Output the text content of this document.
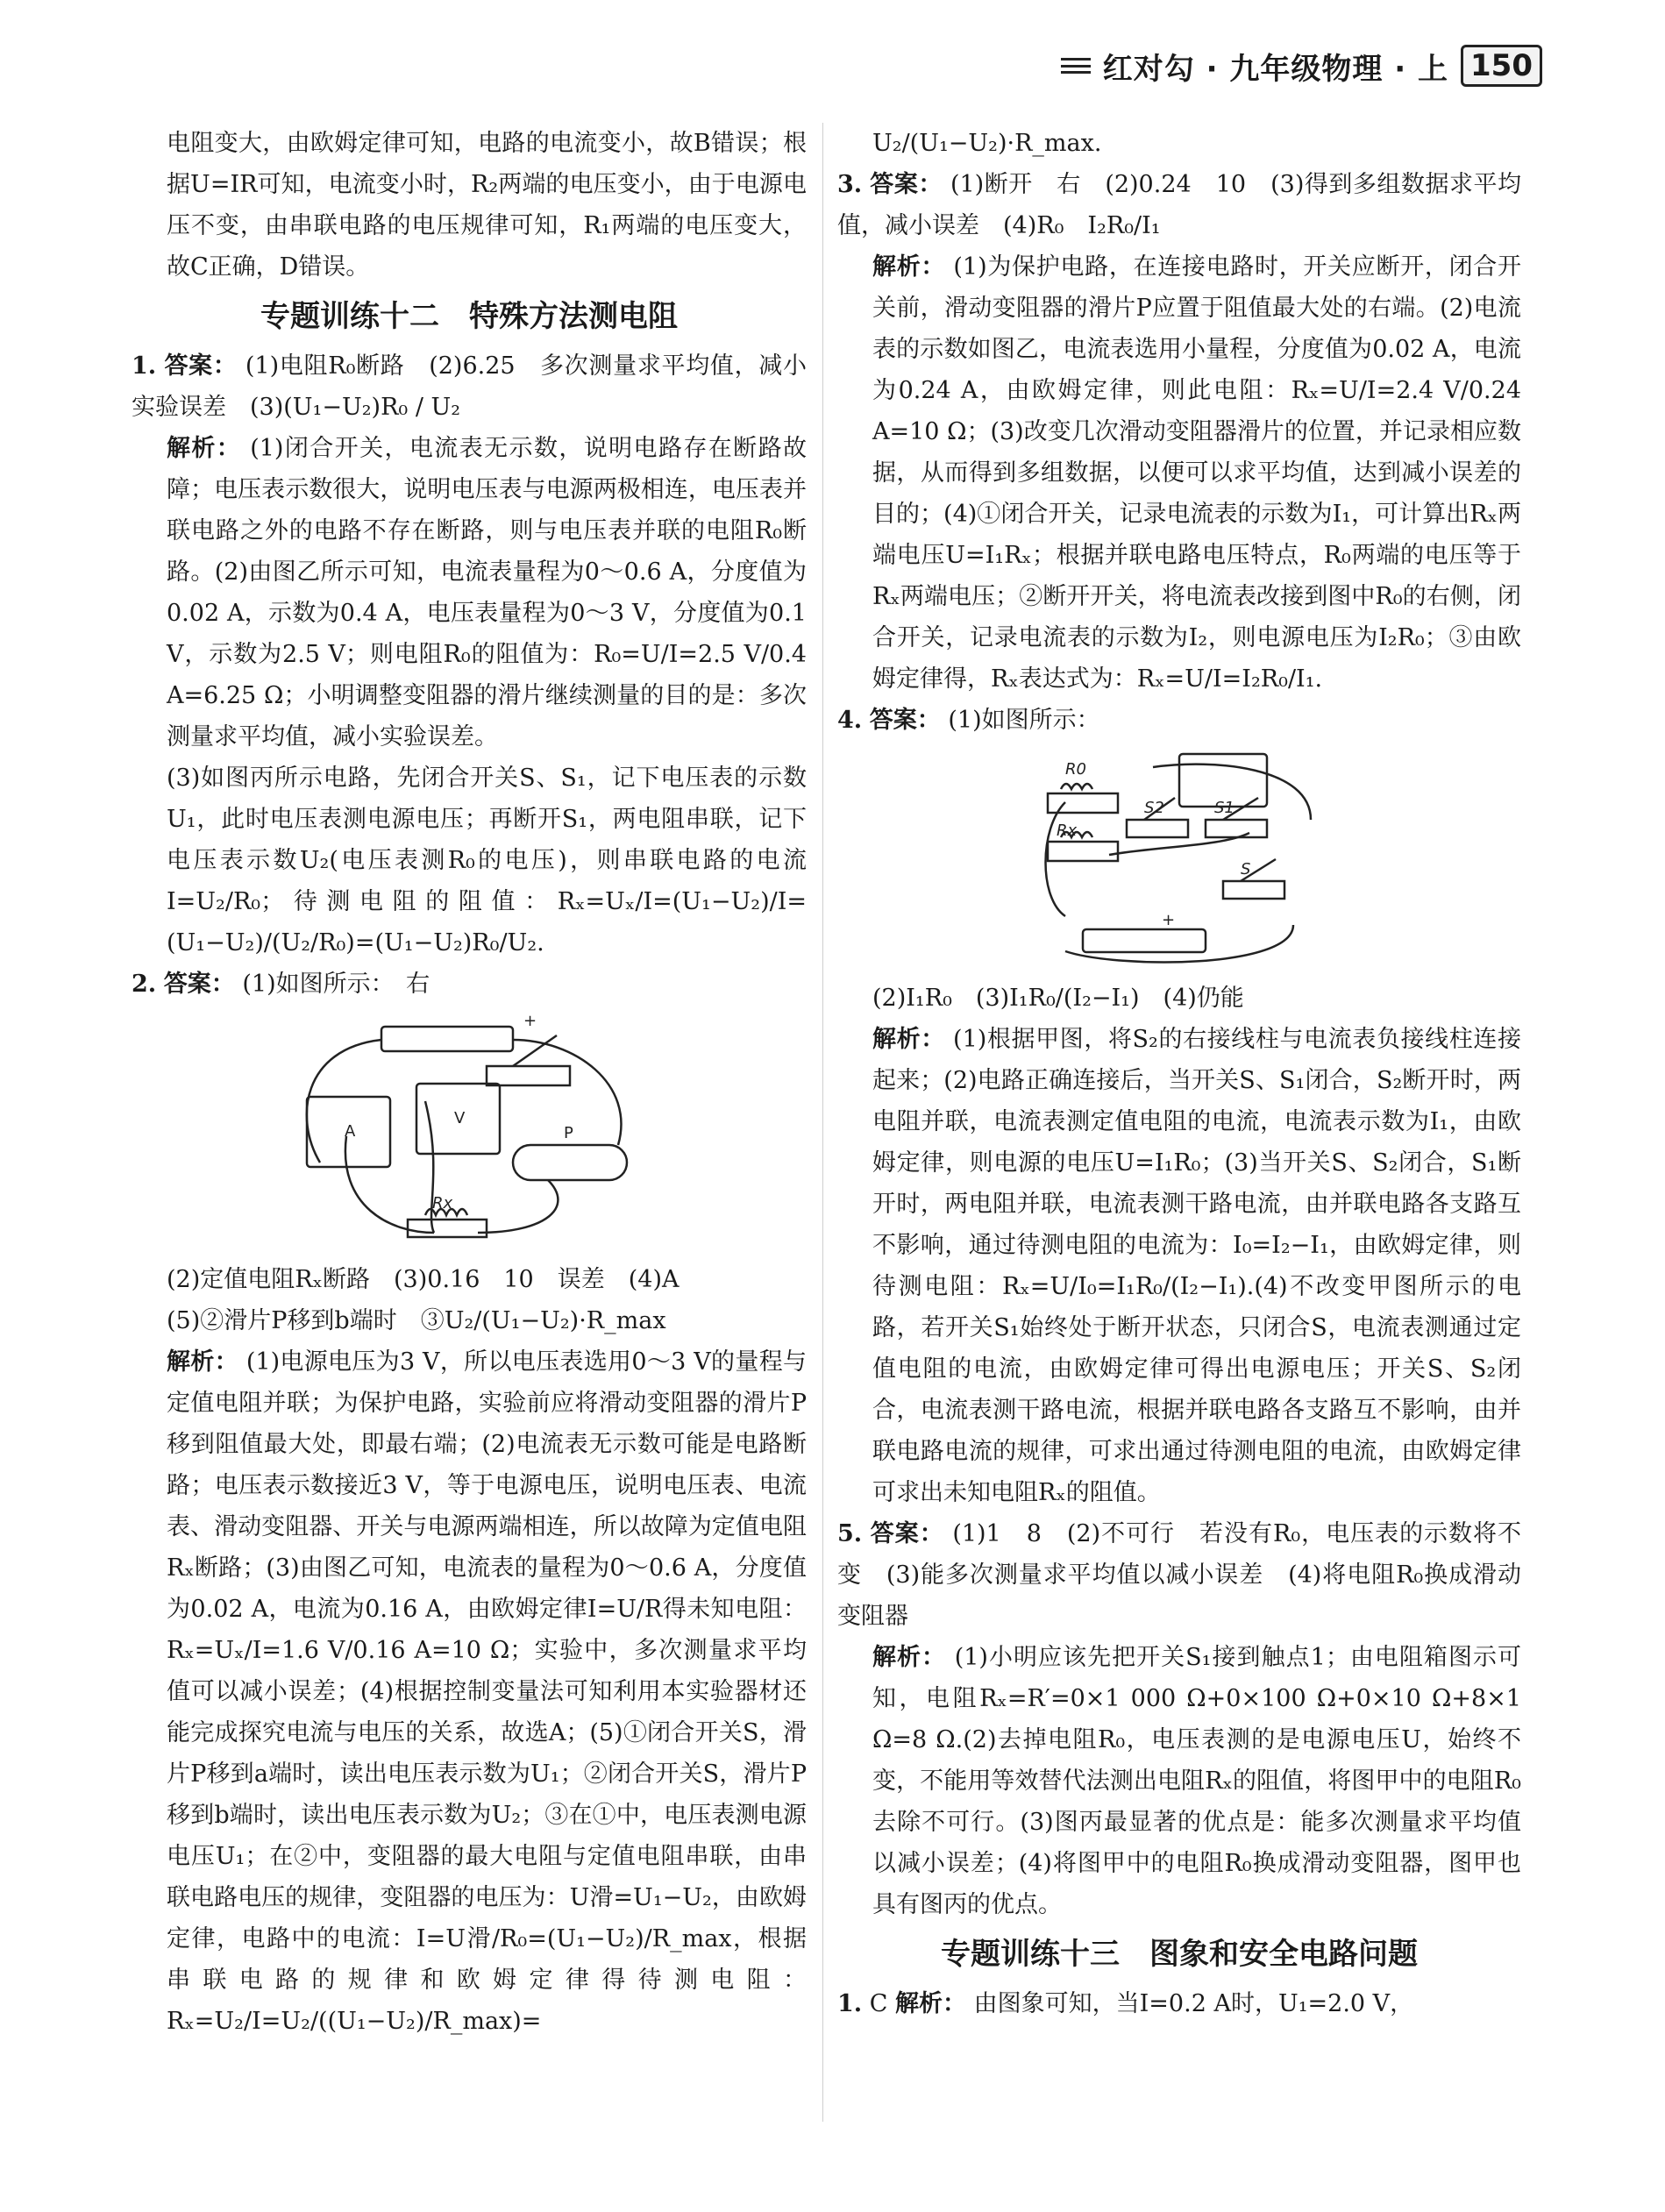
红对勾 · 九年级物理 · 上 150

电阻变大，由欧姆定律可知，电路的电流变小，故B错误；根据U=IR可知，电流变小时，R₂两端的电压变小，由于电源电压不变，由串联电路的电压规律可知，R₁两端的电压变大，故C正确，D错误。

专题训练十二　特殊方法测电阻

1. 答案： (1)电阻R₀断路　(2)6.25　多次测量求平均值，减小实验误差　(3)(U₁−U₂)R₀ / U₂

解析： (1)闭合开关，电流表无示数，说明电路存在断路故障；电压表示数很大，说明电压表与电源两极相连，电压表并联电路之外的电路不存在断路，则与电压表并联的电阻R₀断路。(2)由图乙所示可知，电流表量程为0～0.6 A，分度值为0.02 A，示数为0.4 A，电压表量程为0～3 V，分度值为0.1 V，示数为2.5 V；则电阻R₀的阻值为：R₀=U/I=2.5 V/0.4 A=6.25 Ω；小明调整变阻器的滑片继续测量的目的是：多次测量求平均值，减小实验误差。

(3)如图丙所示电路，先闭合开关S、S₁，记下电压表的示数U₁，此时电压表测电源电压；再断开S₁，两电阻串联，记下电压表示数U₂(电压表测R₀的电压)，则串联电路的电流I=U₂/R₀；待测电阻的阻值：Rₓ=Uₓ/I=(U₁−U₂)/I=(U₁−U₂)/(U₂/R₀)=(U₁−U₂)R₀/U₂.

2. 答案： (1)如图所示：　右

A
V
P
Rx
+

(2)定值电阻Rₓ断路　(3)0.16　10　误差　(4)A

(5)②滑片P移到b端时　③U₂/(U₁−U₂)·R_max

解析： (1)电源电压为3 V，所以电压表选用0～3 V的量程与定值电阻并联；为保护电路，实验前应将滑动变阻器的滑片P移到阻值最大处，即最右端；(2)电流表无示数可能是电路断路；电压表示数接近3 V，等于电源电压，说明电压表、电流表、滑动变阻器、开关与电源两端相连，所以故障为定值电阻Rₓ断路；(3)由图乙可知，电流表的量程为0～0.6 A，分度值为0.02 A，电流为0.16 A，由欧姆定律I=U/R得未知电阻：Rₓ=Uₓ/I=1.6 V/0.16 A=10 Ω；实验中，多次测量求平均值可以减小误差；(4)根据控制变量法可知利用本实验器材还能完成探究电流与电压的关系，故选A；(5)①闭合开关S，滑片P移到a端时，读出电压表示数为U₁；②闭合开关S，滑片P移到b端时，读出电压表示数为U₂；③在①中，电压表测电源电压U₁；在②中，变阻器的最大电阻与定值电阻串联，由串联电路电压的规律，变阻器的电压为：U滑=U₁−U₂，由欧姆定律，电路中的电流：I=U滑/R₀=(U₁−U₂)/R_max，根据串联电路的规律和欧姆定律得待测电阻：Rₓ=U₂/I=U₂/((U₁−U₂)/R_max)=

U₂/(U₁−U₂)·R_max.

3. 答案： (1)断开　右　(2)0.24　10　(3)得到多组数据求平均值，减小误差　(4)R₀　I₂R₀/I₁

解析： (1)为保护电路，在连接电路时，开关应断开，闭合开关前，滑动变阻器的滑片P应置于阻值最大处的右端。(2)电流表的示数如图乙，电流表选用小量程，分度值为0.02 A，电流为0.24 A，由欧姆定律，则此电阻：Rₓ=U/I=2.4 V/0.24 A=10 Ω；(3)改变几次滑动变阻器滑片的位置，并记录相应数据，从而得到多组数据，以便可以求平均值，达到减小误差的目的；(4)①闭合开关，记录电流表的示数为I₁，可计算出Rₓ两端电压U=I₁Rₓ；根据并联电路电压特点，R₀两端的电压等于Rₓ两端电压；②断开开关，将电流表改接到图中R₀的右侧，闭合开关，记录电流表的示数为I₂，则电源电压为I₂R₀；③由欧姆定律得，Rₓ表达式为：Rₓ=U/I=I₂R₀/I₁.

4. 答案： (1)如图所示：

R0
Rx
S2	S1
S
+

(2)I₁R₀　(3)I₁R₀/(I₂−I₁)　(4)仍能

解析： (1)根据甲图，将S₂的右接线柱与电流表负接线柱连接起来；(2)电路正确连接后，当开关S、S₁闭合，S₂断开时，两电阻并联，电流表测定值电阻的电流，电流表示数为I₁，由欧姆定律，则电源的电压U=I₁R₀；(3)当开关S、S₂闭合，S₁断开时，两电阻并联，电流表测干路电流，由并联电路各支路互不影响，通过待测电阻的电流为：I₀=I₂−I₁，由欧姆定律，则待测电阻：Rₓ=U/I₀=I₁R₀/(I₂−I₁).(4)不改变甲图所示的电路，若开关S₁始终处于断开状态，只闭合S，电流表测通过定值电阻的电流，由欧姆定律可得出电源电压；开关S、S₂闭合，电流表测干路电流，根据并联电路各支路互不影响，由并联电路电流的规律，可求出通过待测电阻的电流，由欧姆定律可求出未知电阻Rₓ的阻值。

5. 答案： (1)1　8　(2)不可行　若没有R₀，电压表的示数将不变　(3)能多次测量求平均值以减小误差　(4)将电阻R₀换成滑动变阻器

解析： (1)小明应该先把开关S₁接到触点1；由电阻箱图示可知，电阻Rₓ=R′=0×1 000 Ω+0×100 Ω+0×10 Ω+8×1 Ω=8 Ω.(2)去掉电阻R₀，电压表测的是电源电压U，始终不变，不能用等效替代法测出电阻Rₓ的阻值，将图甲中的电阻R₀去除不可行。(3)图丙最显著的优点是：能多次测量求平均值以减小误差；(4)将图甲中的电阻R₀换成滑动变阻器，图甲也具有图丙的优点。

专题训练十三　图象和安全电路问题

1. C 解析： 由图象可知，当I=0.2 A时，U₁=2.0 V，
